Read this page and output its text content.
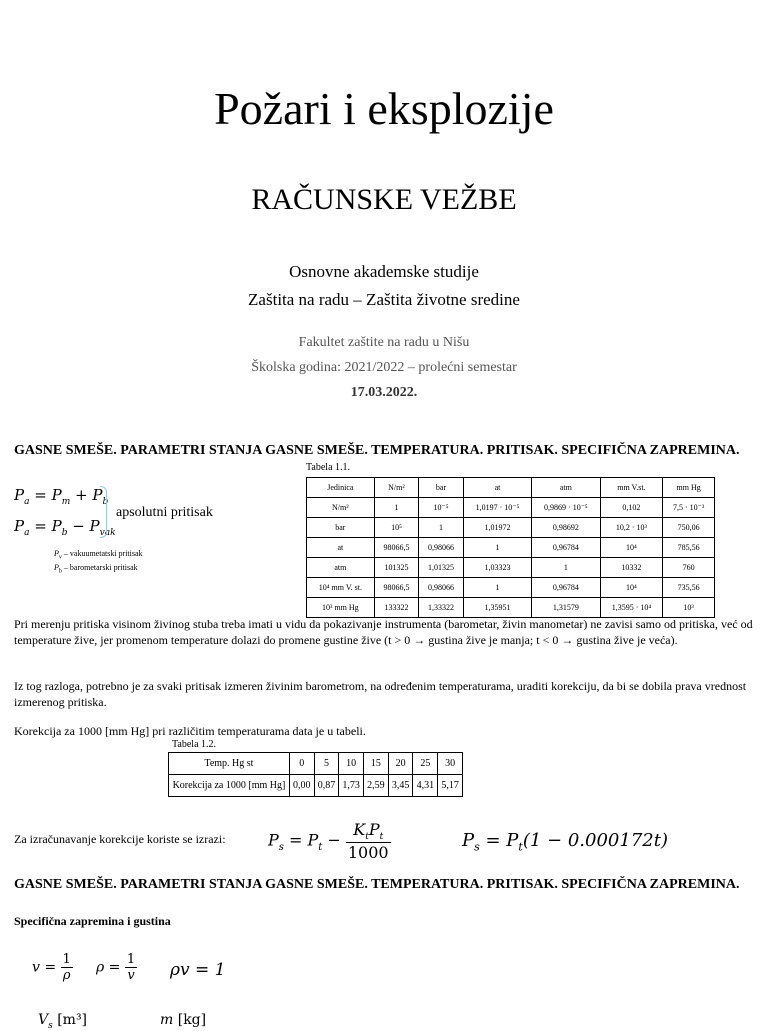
Požari i eksplozije
RAČUNSKE VEŽBE
Osnovne akademske studije
Zaštita na radu – Zaštita životne sredine
Fakultet zaštite na radu u Nišu
Školska godina: 2021/2022 – prolećni semestar
17.03.2022.
GASNE SMEŠE. PARAMETRI STANJA GASNE SMEŠE. TEMPERATURA. PRITISAK. SPECIFIČNA ZAPREMINA.
$P_a = P_m + P_b$
$P_a = P_b - P_{vak}$
apsolutni pritisak
$P_v$ – vakuumetatski pritisak
$P_b$ – barometarski pritisak
Tabela 1.1.
Jedinica	N/m²	bar	at	atm	mm V.st.	mm Hg
N/m²	1	10⁻⁵	1,0197 · 10⁻⁵	0,9869 · 10⁻⁵	0,102	7,5 · 10⁻³
bar	10⁵	1	1,01972	0,98692	10,2 · 10³	750,06
at	98066,5	0,98066	1	0,96784	10⁴	785,56
atm	101325	1,01325	1,03323	1	10332	760
10⁴ mm V. st.	98066,5	0,98066	1	0,96784	10⁴	735,56
10³ mm Hg	133322	1,33322	1,35951	1,31579	1,3595 · 10⁴	10³
Pri merenju pritiska visinom živinog stuba treba imati u vidu da pokazivanje instrumenta (barometar, živin manometar) ne zavisi samo od pritiska, već od temperature žive, jer promenom temperature dolazi do promene gustine žive (t > 0 → gustina žive je manja; t < 0 → gustina žive je veća).
Iz tog razloga, potrebno je za svaki pritisak izmeren živinim barometrom, na određenim temperaturama, uraditi korekciju, da bi se dobila prava vrednost izmerenog pritiska.
Korekcija za 1000 [mm Hg] pri različitim temperaturama data je u tabeli.
Tabela 1.2.
Temp. Hg st	0	5	10	15	20	25	30
Korekcija za 1000 [mm Hg]	0,00	0,87	1,73	2,59	3,45	4,31	5,17
Za izračunavanje korekcije koriste se izrazi:	$P_s = P_t - \frac{K_tP_t}{1000}$	$P_s = P_t(1 - 0.000172t)$
GASNE SMEŠE. PARAMETRI STANJA GASNE SMEŠE. TEMPERATURA. PRITISAK. SPECIFIČNA ZAPREMINA.
Specifična zapremina i gustina
$v = \frac{1}{\rho}$ $\rho = \frac{1}{v}$ ρv = 1
$V_s$ [m³]	m [kg]
